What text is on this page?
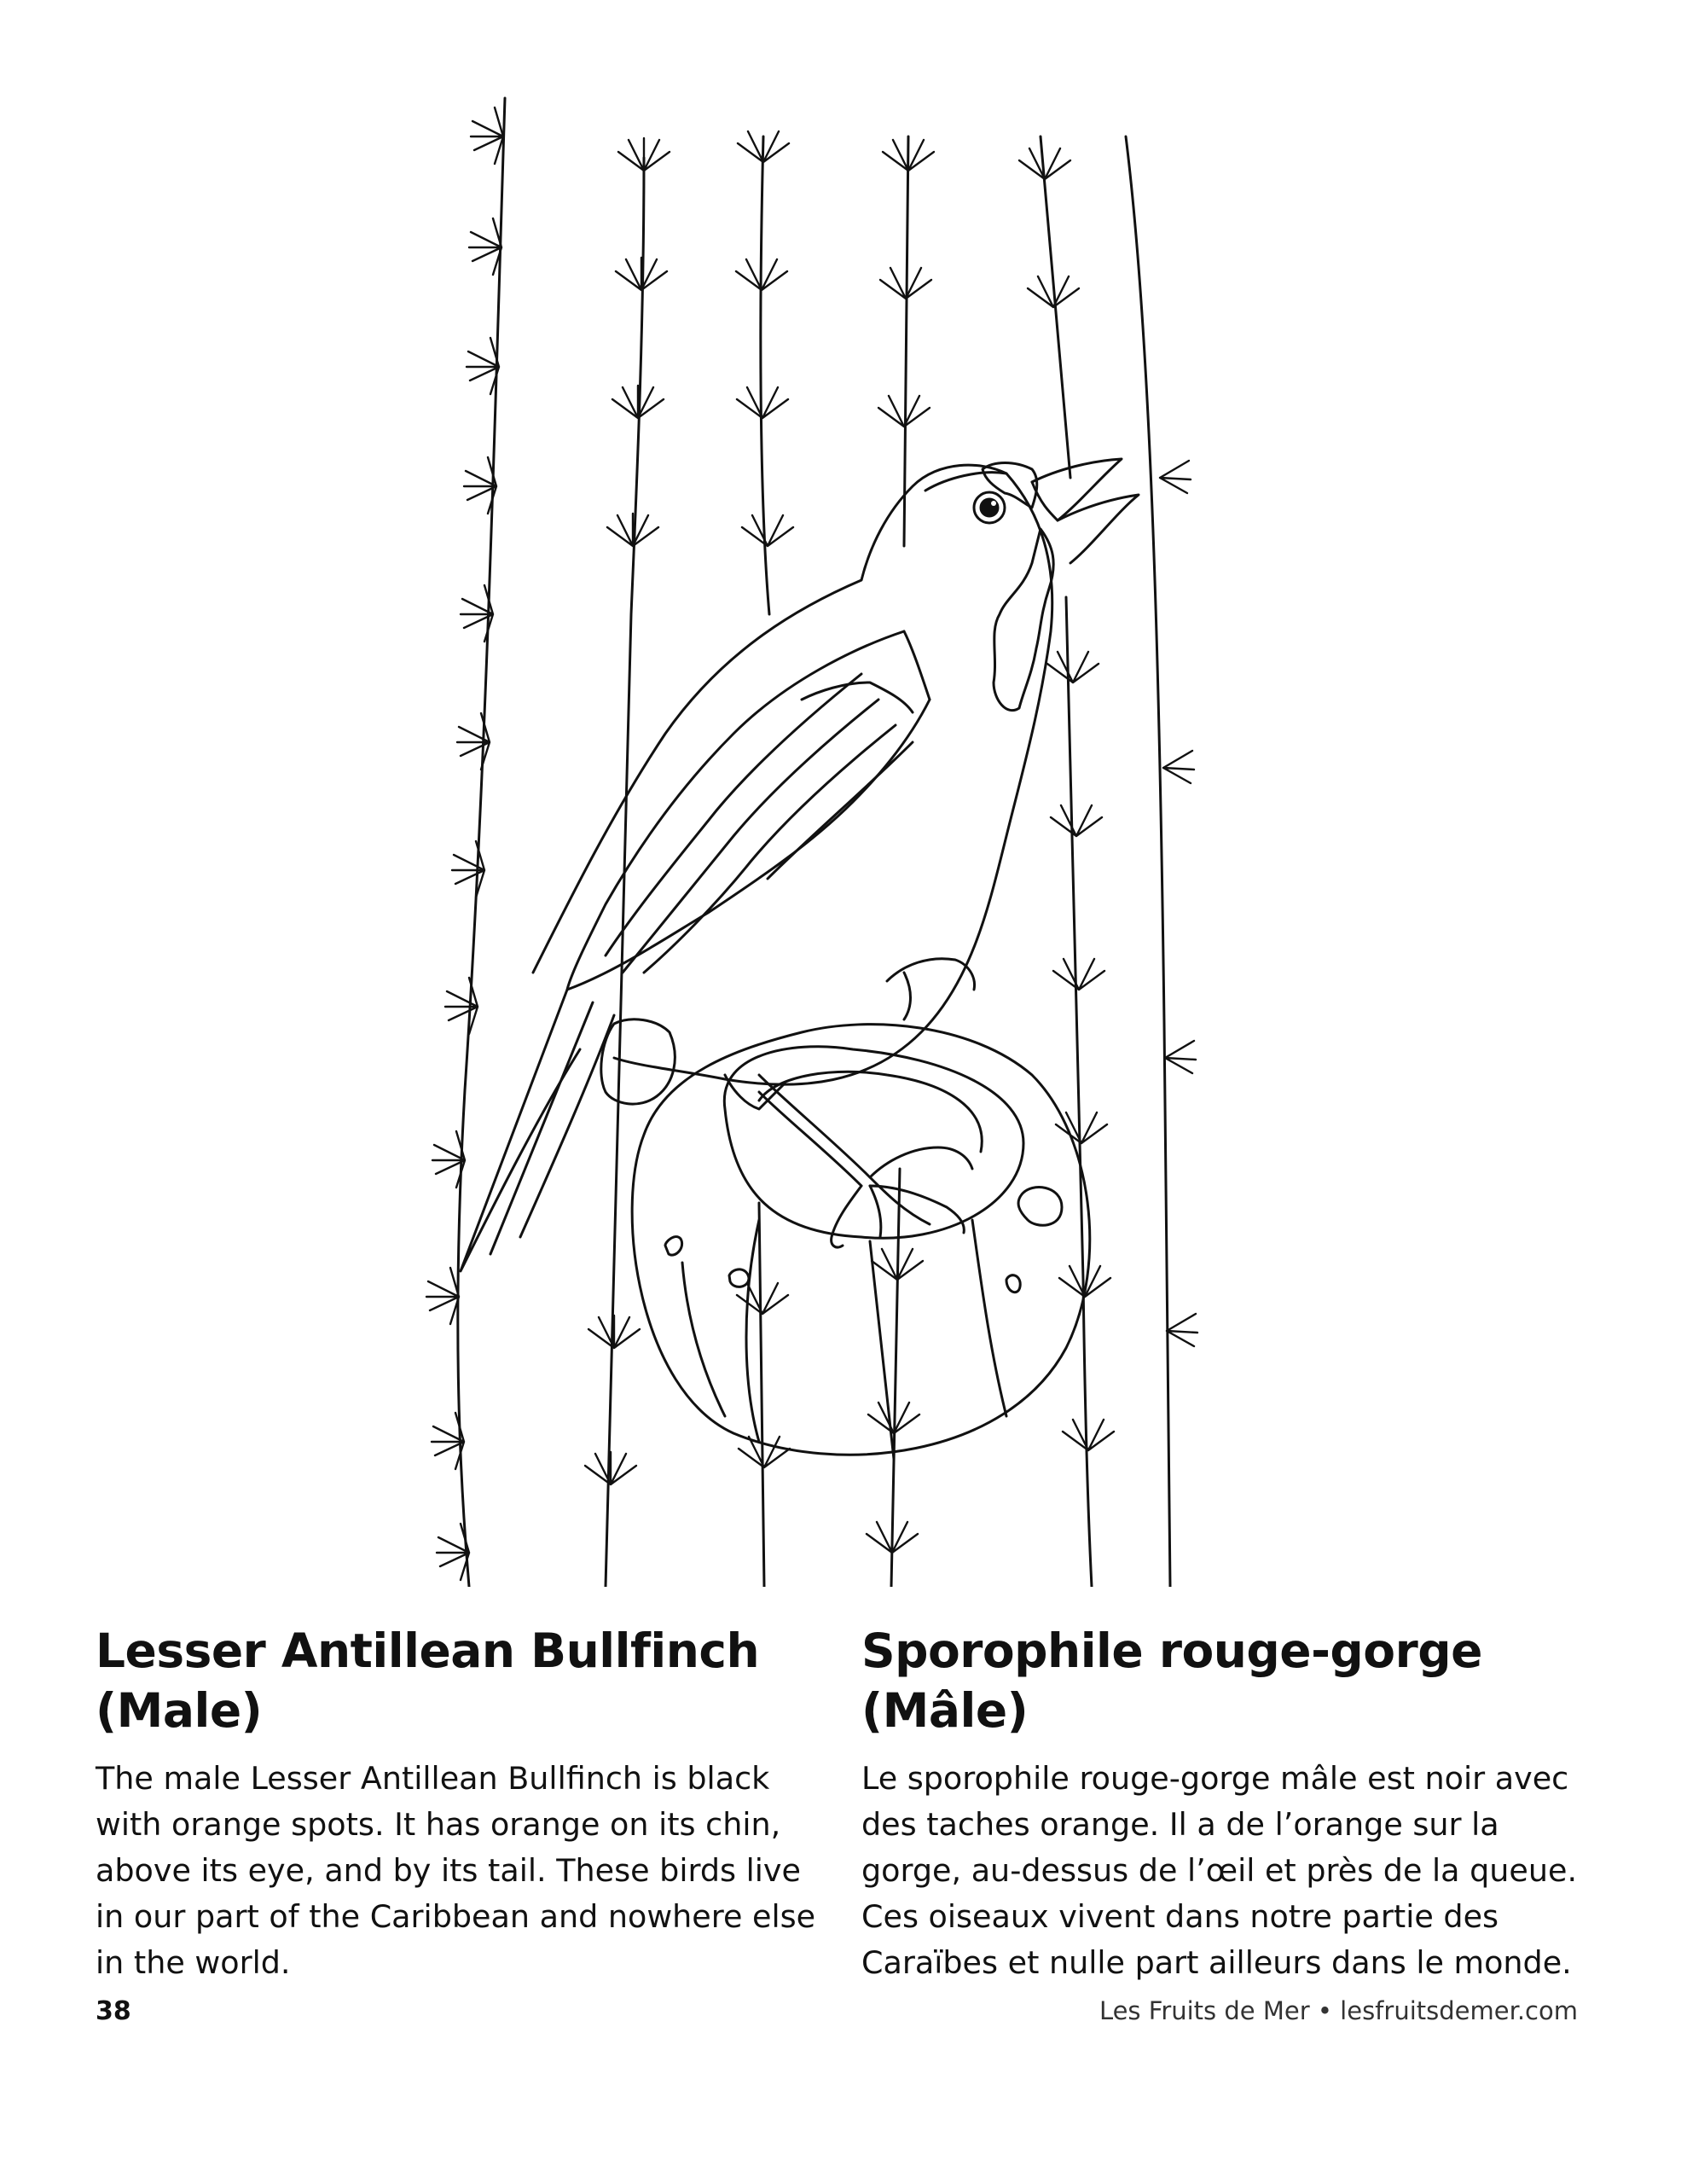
Lesser Antillean Bullfinch
(Male)

The male Lesser Antillean Bullfinch is black with orange spots. It has orange on its chin, above its eye, and by its tail. These birds live in our part of the Caribbean and nowhere else in the world.

Sporophile rouge-gorge
(Mâle)

Le sporophile rouge-gorge mâle est noir avec des taches orange. Il a de l’orange sur la gorge, au-dessus de l’œil et près de la queue. Ces oiseaux vivent dans notre partie des Caraïbes et nulle part ailleurs dans le monde.

38	Les Fruits de Mer • lesfruitsdemer.com
